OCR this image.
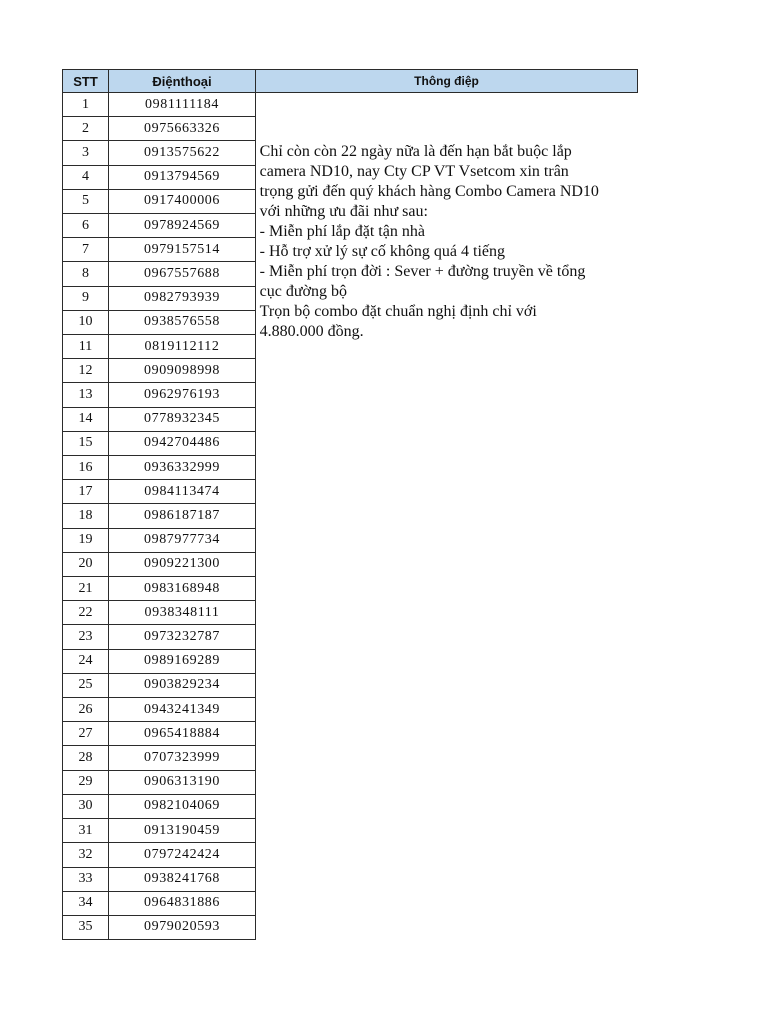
STT	Điệnthoại	Thông điệp
1	0981111184
2	0975663326
3	0913575622
4	0913794569
5	0917400006
6	0978924569
7	0979157514
8	0967557688
9	0982793939
10	0938576558
11	0819112112
12	0909098998
13	0962976193
14	0778932345
15	0942704486
16	0936332999
17	0984113474
18	0986187187
19	0987977734
20	0909221300
21	0983168948
22	0938348111
23	0973232787
24	0989169289
25	0903829234
26	0943241349
27	0965418884
28	0707323999
29	0906313190
30	0982104069
31	0913190459
32	0797242424
33	0938241768
34	0964831886
35	0979020593

Chỉ còn còn 22 ngày nữa là đến hạn bắt buộc lắp

camera ND10, nay Cty CP VT Vsetcom xin trân

trọng gửi đến quý khách hàng Combo Camera ND10

với những ưu đãi như sau:

- Miễn phí lắp đặt tận nhà

- Hỗ trợ xử lý sự cố không quá 4 tiếng

- Miễn phí trọn đời : Sever + đường truyền về tổng

cục đường bộ

Trọn bộ combo đặt chuẩn nghị định chỉ với

4.880.000 đồng.
